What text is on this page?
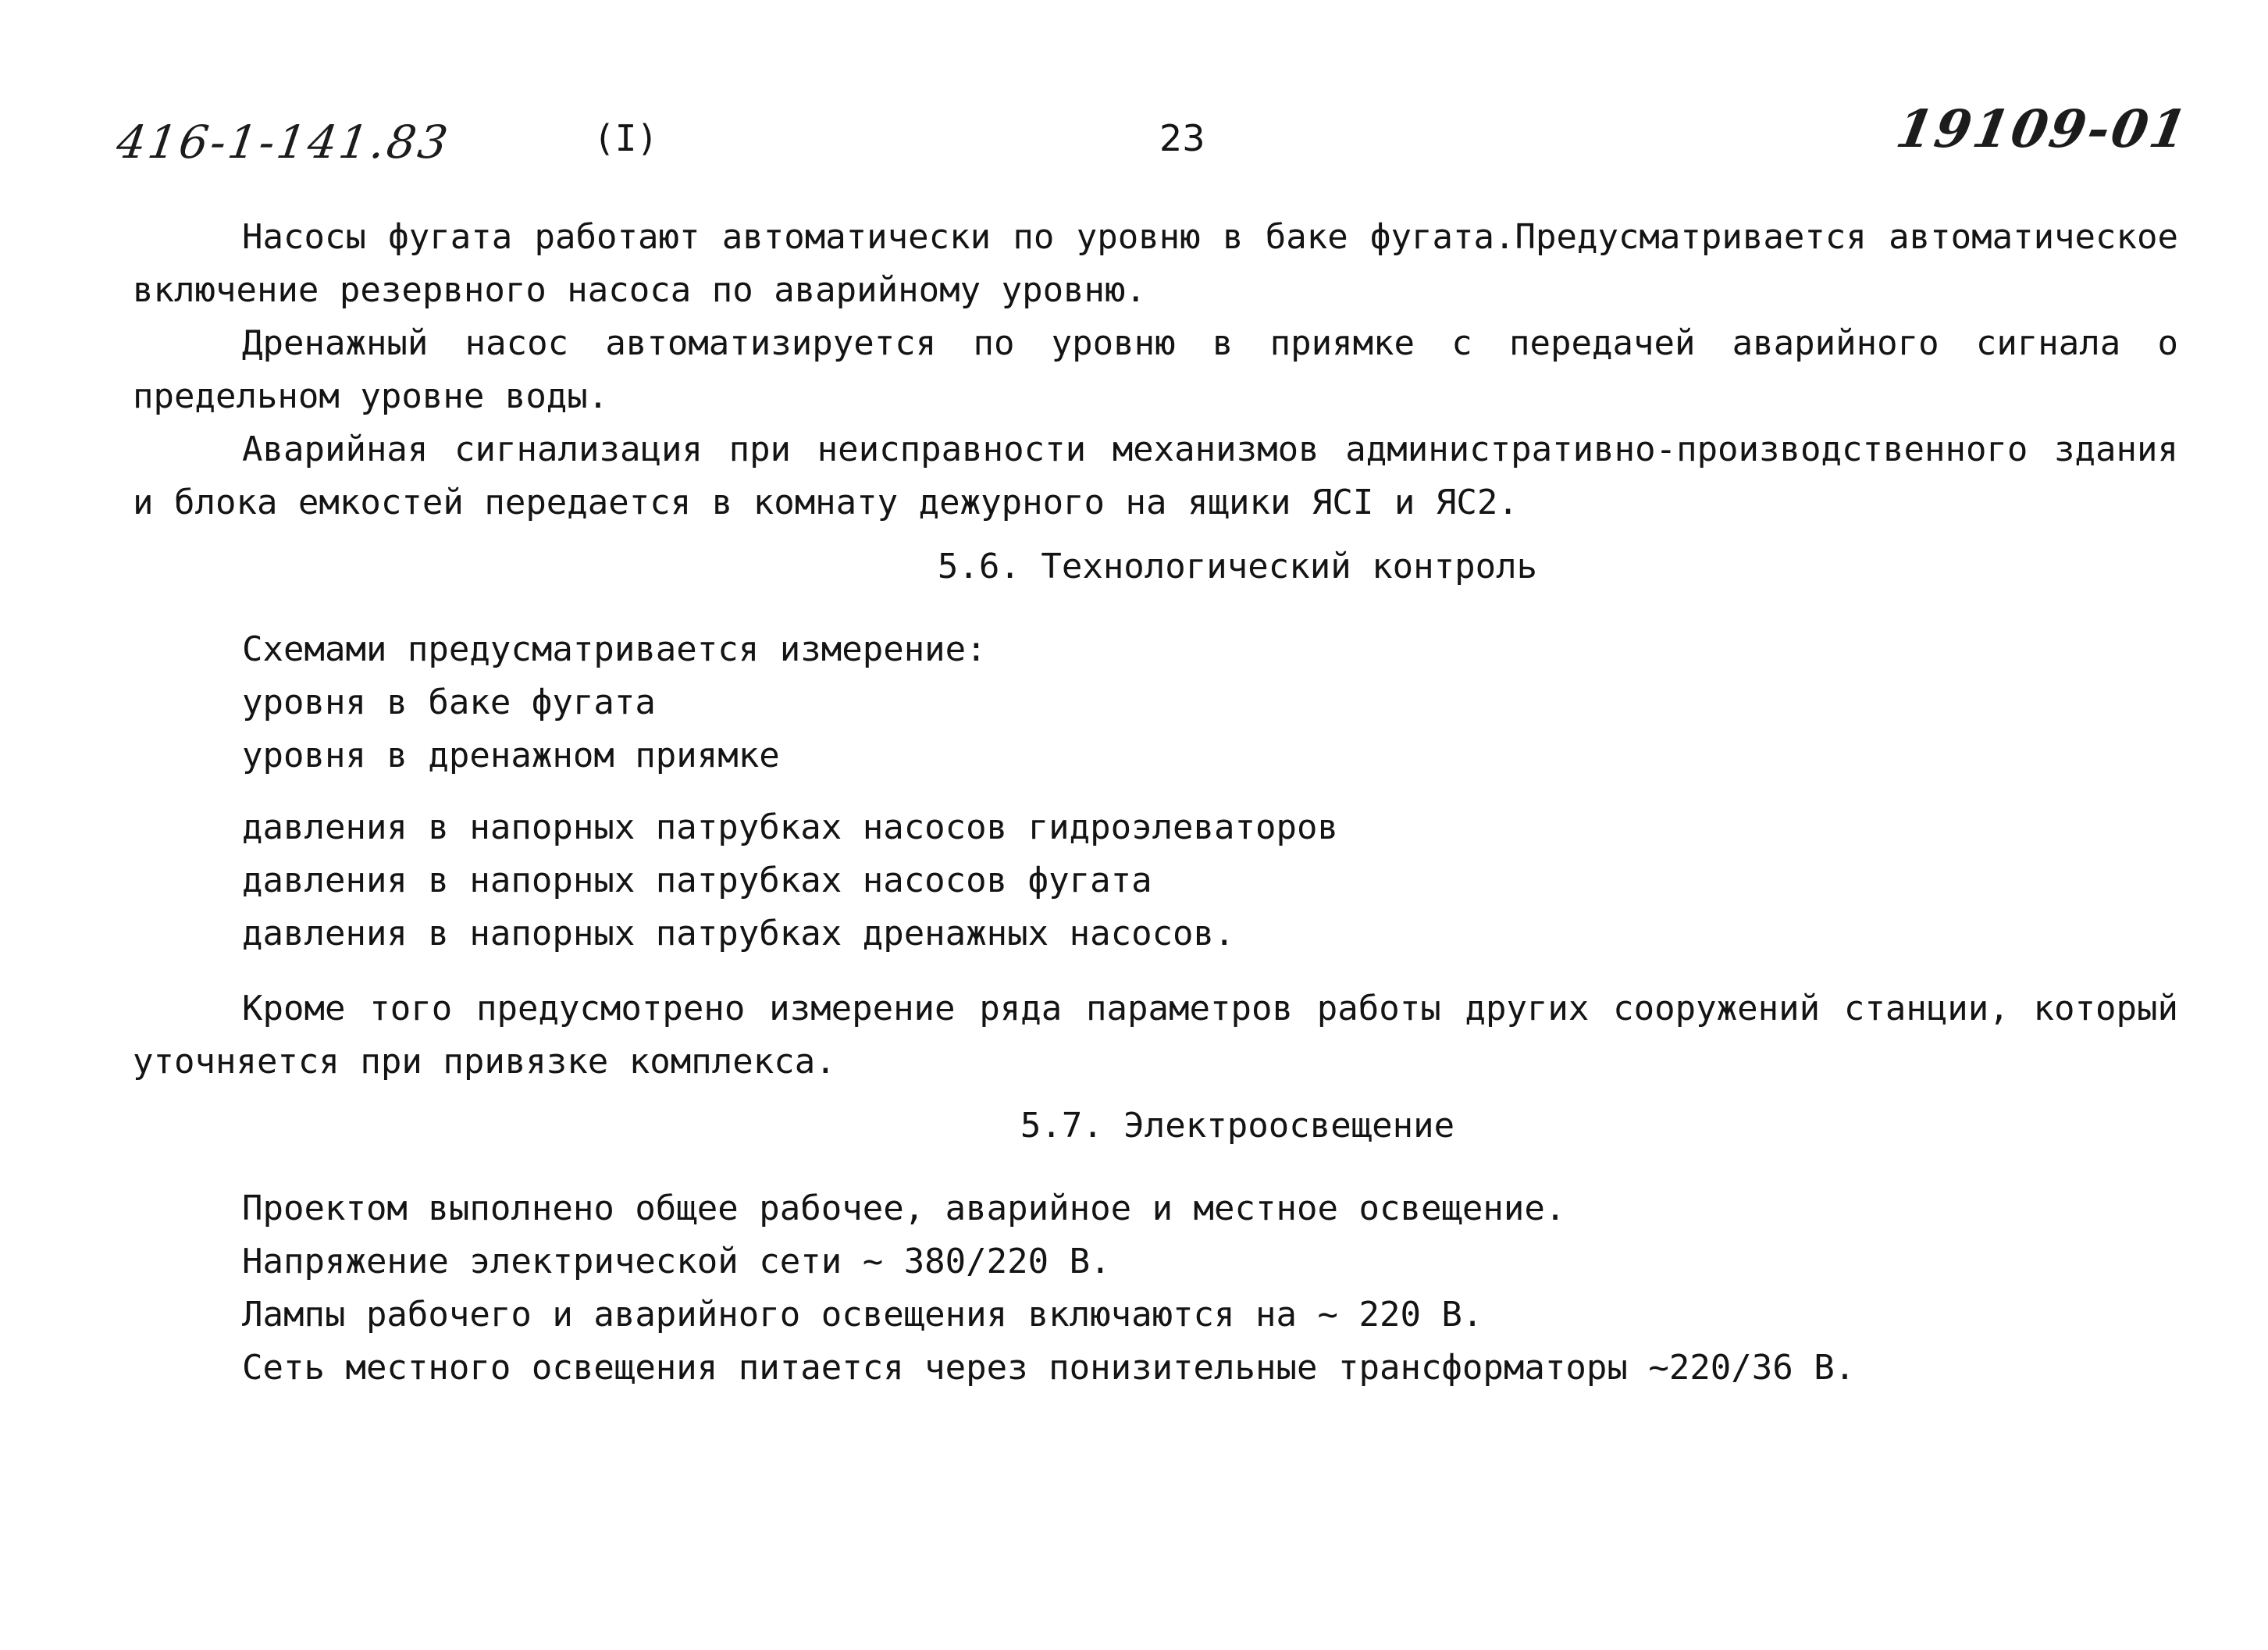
416-1-141.83	(I)	23	19109-01

Насосы фугата работают автоматически по уровню в баке фугата.Предусматривается автоматическое включение резервного насоса по аварийному уровню.

Дренажный насос автоматизируется по уровню в приямке с передачей аварийного сигнала о предельном уровне воды.

Аварийная сигнализация при неисправности механизмов административно-производственного здания и блока емкостей передается в комнату дежурного на ящики ЯСI и ЯС2.

5.6. Технологический контроль
Схемами предусматривается измерение:
уровня в баке фугата
уровня в дренажном приямке
давления в напорных патрубках насосов гидроэлеваторов
давления в напорных патрубках насосов фугата
давления в напорных патрубках дренажных насосов.

Кроме того предусмотрено измерение ряда параметров работы других сооружений станции, который уточняется при привязке комплекса.

5.7. Электроосвещение
Проектом выполнено общее рабочее, аварийное и местное освещение.
Напряжение электрической сети ~ 380/220 В.
Лампы рабочего и аварийного освещения включаются на ~ 220 В.
Сеть местного освещения питается через понизительные трансформаторы ~220/36 В.
